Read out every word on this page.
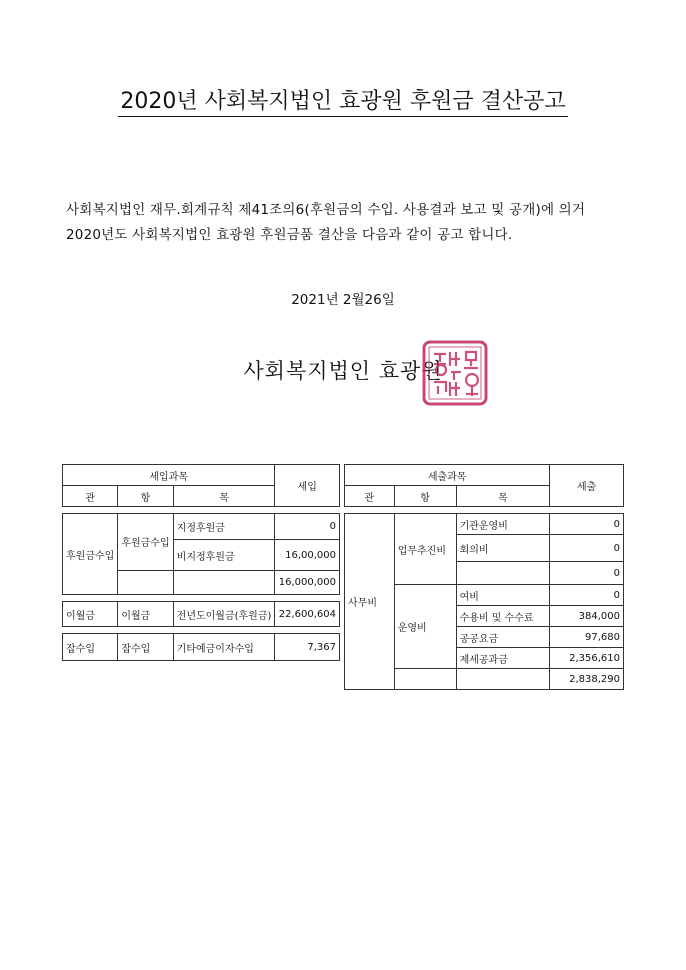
2020년 사회복지법인 효광원 후원금 결산공고
사회복지법인 재무.회계규칙 제41조의6(후원금의 수입. 사용결과 보고 및 공개)에 의거
2020년도 사회복지법인 효광원 후원금품 결산을 다음과 같이 공고 합니다.
2021년 2월26일
사회복지법인 효광원
세입과목			세입
관	항	목	

후원금수입	후원금수입	지정후원금	0
		비지정후원금	16,00,000
			16,000,000

이월금	이월금	전년도이월금(후원금)	22,600,604

잡수입	잡수입	기타예금이자수입	7,367
세출과목			세출
관	항	목	

사무비	업무추진비	기관운영비	0
		회의비	0
			0
	운영비	여비	0
		수용비 및 수수료	384,000
		공공요금	97,680
		제세공과금	2,356,610
			2,838,290
